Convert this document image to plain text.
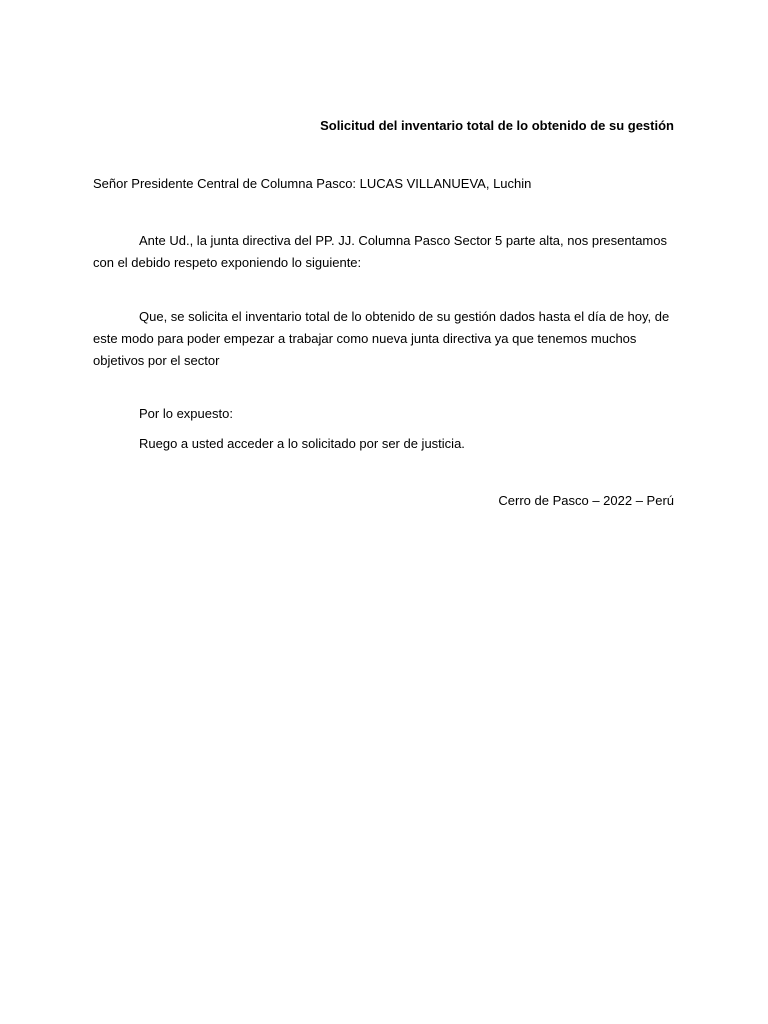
Solicitud del inventario total de lo obtenido de su gestión
Señor Presidente Central de Columna Pasco: LUCAS VILLANUEVA, Luchin

Ante Ud., la junta directiva del PP. JJ. Columna Pasco Sector 5 parte alta, nos presentamos con el debido respeto exponiendo lo siguiente:

Que, se solicita el inventario total de lo obtenido de su gestión dados hasta el día de hoy, de este modo para poder empezar a trabajar como nueva junta directiva ya que tenemos muchos objetivos por el sector

Por lo expuesto:
Ruego a usted acceder a lo solicitado por ser de justicia.
Cerro de Pasco – 2022 – Perú
